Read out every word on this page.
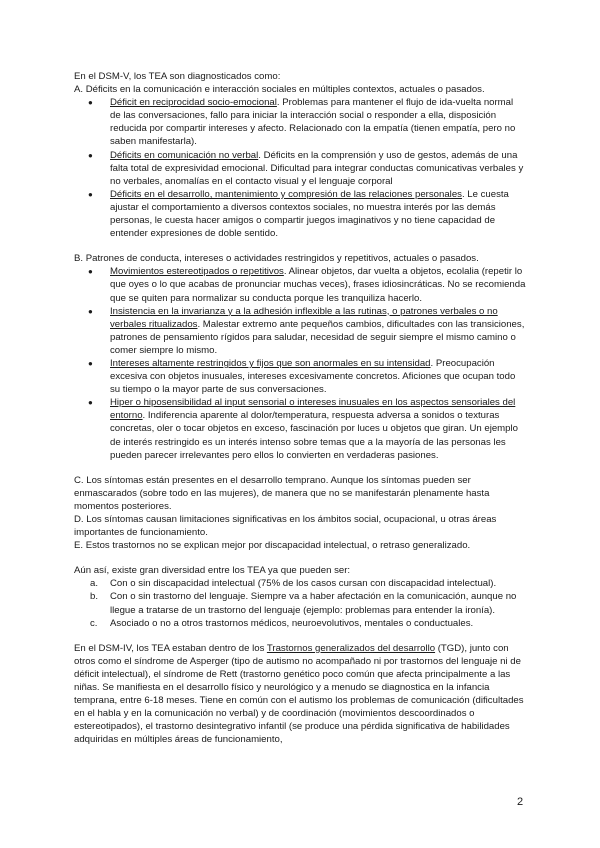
En el DSM-V, los TEA son diagnosticados como:

A. Déficits en la comunicación e interacción sociales en múltiples contextos, actuales o pasados.

● Déficit en reciprocidad socio-emocional. Problemas para mantener el flujo de ida-vuelta normal de las conversaciones, fallo para iniciar la interacción social o responder a ella, disposición reducida por compartir intereses y afecto. Relacionado con la empatía (tienen empatía, pero no saben manifestarla).
● Déficits en comunicación no verbal. Déficits en la comprensión y uso de gestos, además de una falta total de expresividad emocional. Dificultad para integrar conductas comunicativas verbales y no verbales, anomalías en el contacto visual y el lenguaje corporal
● Déficits en el desarrollo, mantenimiento y compresión de las relaciones personales. Le cuesta ajustar el comportamiento a diversos contextos sociales, no muestra interés por las demás personas, le cuesta hacer amigos o compartir juegos imaginativos y no tiene capacidad de entender expresiones de doble sentido.

B. Patrones de conducta, intereses o actividades restringidos y repetitivos, actuales o pasados.

● Movimientos estereotipados o repetitivos. Alinear objetos, dar vuelta a objetos, ecolalia (repetir lo que oyes o lo que acabas de pronunciar muchas veces), frases idiosincráticas. No se recomienda que se quiten para normalizar su conducta porque les tranquiliza hacerlo.
● Insistencia en la invarianza y a la adhesión inflexible a las rutinas, o patrones verbales o no verbales ritualizados. Malestar extremo ante pequeños cambios, dificultades con las transiciones, patrones de pensamiento rígidos para saludar, necesidad de seguir siempre el mismo camino o comer siempre lo mismo.
● Intereses altamente restringidos y fijos que son anormales en su intensidad. Preocupación excesiva con objetos inusuales, intereses excesivamente concretos. Aficiones que ocupan todo su tiempo o la mayor parte de sus conversaciones.
● Hiper o hiposensibilidad al input sensorial o intereses inusuales en los aspectos sensoriales del entorno. Indiferencia aparente al dolor/temperatura, respuesta adversa a sonidos o texturas concretas, oler o tocar objetos en exceso, fascinación por luces u objetos que giran. Un ejemplo de interés restringido es un interés intenso sobre temas que a la mayoría de las personas les pueden parecer irrelevantes pero ellos lo convierten en verdaderas pasiones.

C. Los síntomas están presentes en el desarrollo temprano. Aunque los síntomas pueden ser enmascarados (sobre todo en las mujeres), de manera que no se manifestarán plenamente hasta momentos posteriores.

D. Los síntomas causan limitaciones significativas en los ámbitos social, ocupacional, u otras áreas importantes de funcionamiento.

E. Estos trastornos no se explican mejor por discapacidad intelectual, o retraso generalizado.

Aún así, existe gran diversidad entre los TEA ya que pueden ser:

a. Con o sin discapacidad intelectual (75% de los casos cursan con discapacidad intelectual).
b. Con o sin trastorno del lenguaje. Siempre va a haber afectación en la comunicación, aunque no llegue a tratarse de un trastorno del lenguaje (ejemplo: problemas para entender la ironía).
c. Asociado o no a otros trastornos médicos, neuroevolutivos, mentales o conductuales.

En el DSM-IV, los TEA estaban dentro de los Trastornos generalizados del desarrollo (TGD), junto con otros como el síndrome de Asperger (tipo de autismo no acompañado ni por trastornos del lenguaje ni de déficit intelectual), el síndrome de Rett (trastorno genético poco común que afecta principalmente a las niñas. Se manifiesta en el desarrollo físico y neurológico y a menudo se diagnostica en la infancia temprana, entre 6-18 meses. Tiene en común con el autismo los problemas de comunicación (dificultades en el habla y en la comunicación no verbal) y de coordinación (movimientos descoordinados o estereotipados), el trastorno desintegrativo infantil (se produce una pérdida significativa de habilidades adquiridas en múltiples áreas de funcionamiento,

2
